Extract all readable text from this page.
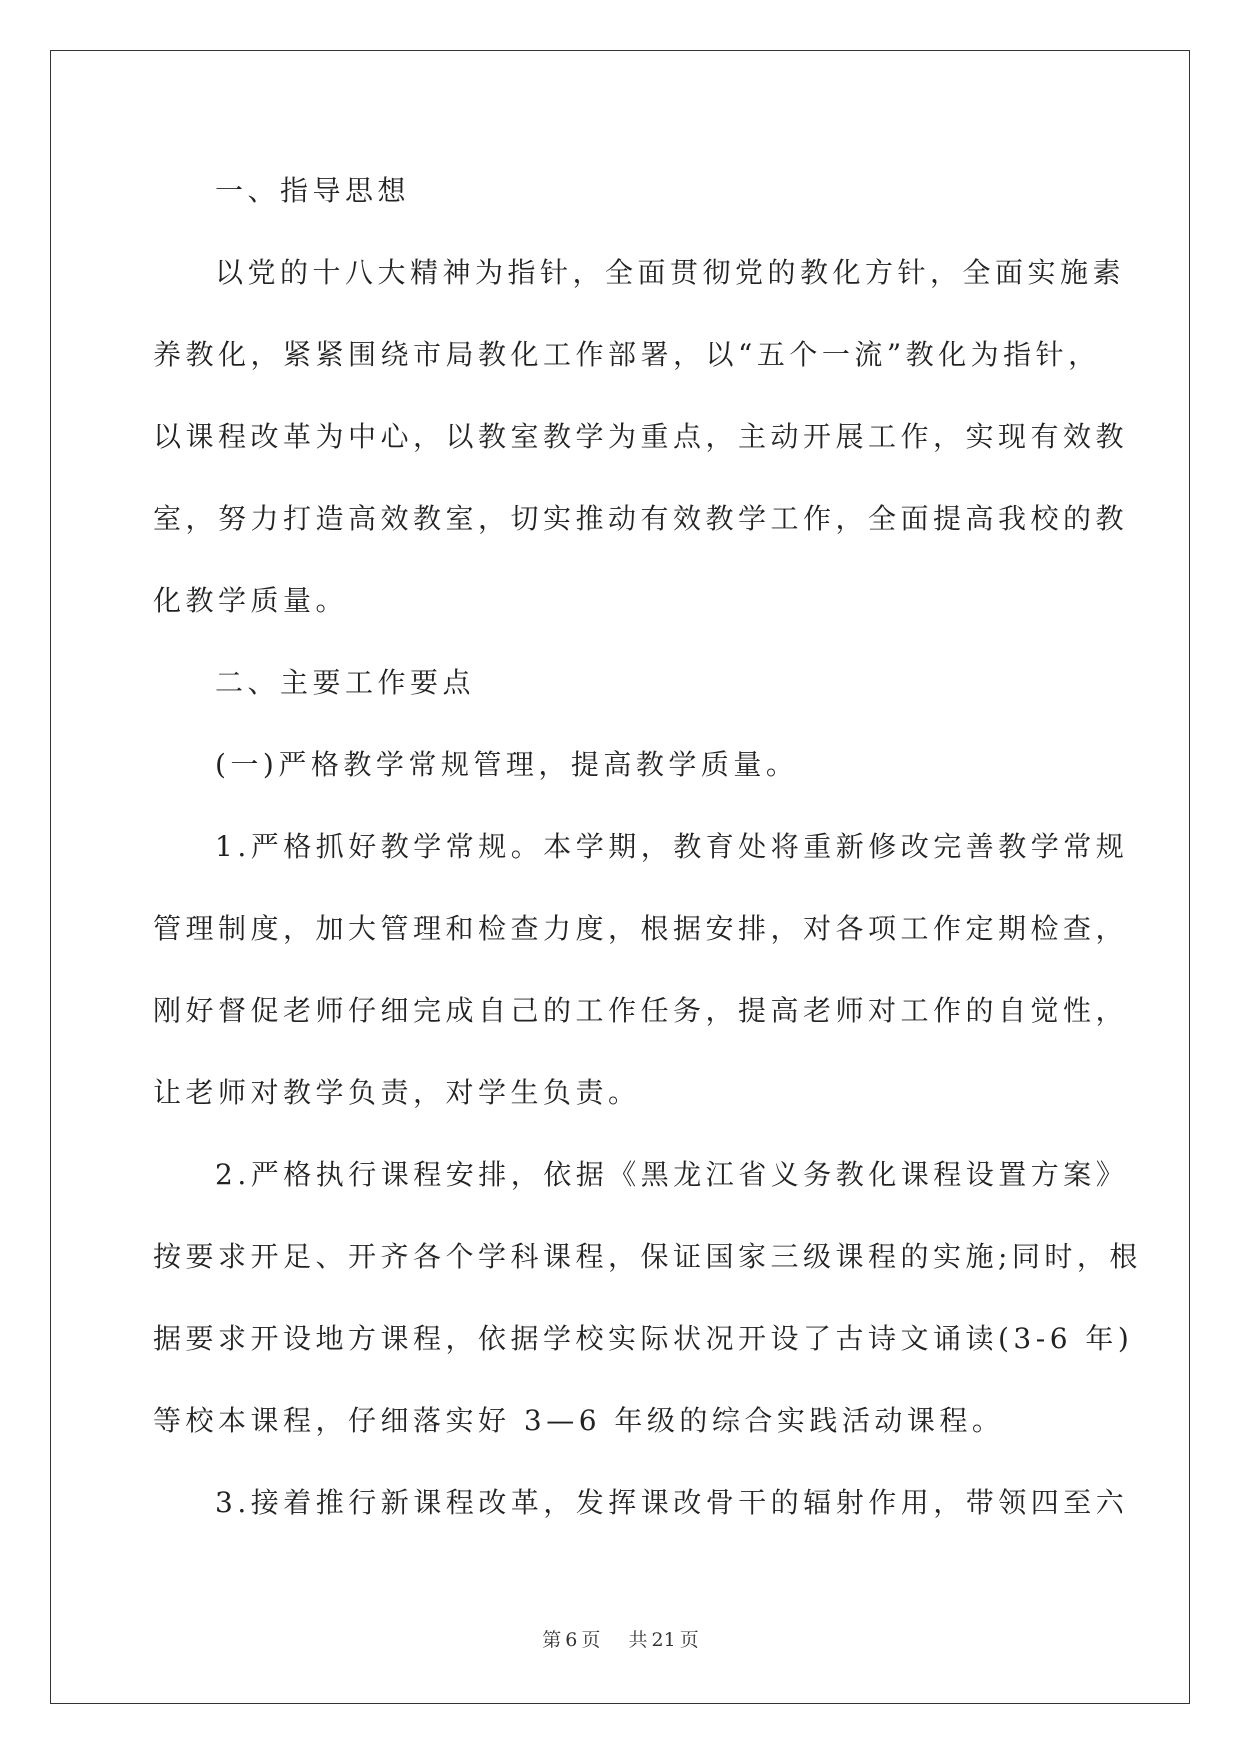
一、指导思想

以党的十八大精神为指针，全面贯彻党的教化方针，全面实施素
养教化，紧紧围绕市局教化工作部署，以“五个一流”教化为指针，
以课程改革为中心，以教室教学为重点，主动开展工作，实现有效教
室，努力打造高效教室，切实推动有效教学工作，全面提高我校的教
化教学质量。

二、主要工作要点

(一)严格教学常规管理，提高教学质量。

1.严格抓好教学常规。本学期，教育处将重新修改完善教学常规
管理制度，加大管理和检查力度，根据安排，对各项工作定期检查，
刚好督促老师仔细完成自己的工作任务，提高老师对工作的自觉性，
让老师对教学负责，对学生负责。
2.严格执行课程安排，依据《黑龙江省义务教化课程设置方案》
按要求开足、开齐各个学科课程，保证国家三级课程的实施;同时，根
据要求开设地方课程，依据学校实际状况开设了古诗文诵读(3-6 年)
等校本课程，仔细落实好 3—6 年级的综合实践活动课程。
3.接着推行新课程改革，发挥课改骨干的辐射作用，带领四至六
第 6 页 共 21 页
